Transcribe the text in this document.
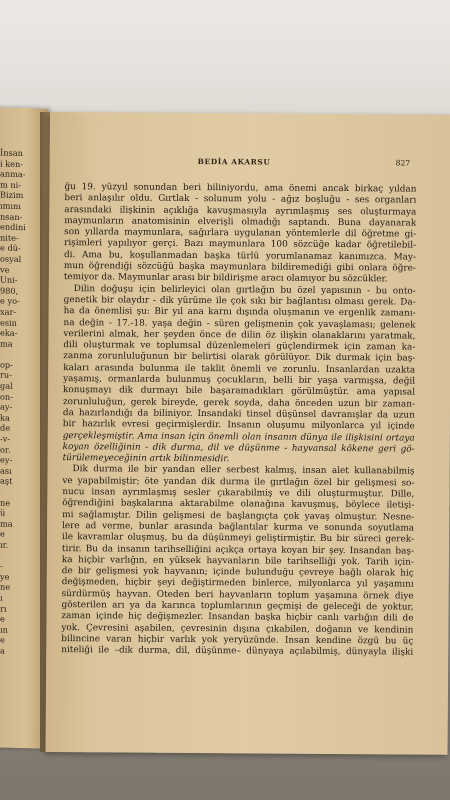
İnsan
i ken-
anma-
m ni-
Bizim
ımını
nsan-
endini
nite-
e dü-
osyal
ve
Uni-
980,
e yo-
xar-
esin
eka-
ma

op-
ru-
gal
on-
ay-
ka
de
-v-
or.
ey-
ası
aşt

ne
ü
ma
e
ır.

-
ye
ne
ı
rı
e
ın
e
a
BEDİA AKARSU	827
ğu 19. yüzyıl sonundan beri biliniyordu, ama önemi ancak birkaç yıldan
beri anlaşılır oldu. Gırtlak - solunum yolu - ağız boşluğu - ses organları
arasındaki ilişkinin açıklığa kavuşmasıyla ayrımlaşmış ses oluşturmaya
maymunların anatomisinin elverişli olmadığı saptandı. Buna dayanarak
son yıllarda maymunlara, sağırlara uygulanan yöntemlerle dil öğretme gi-
rişimleri yapılıyor gerçi. Bazı maymunlara 100 sözcüğe kadar öğretilebil-
di. Ama bu, koşullanmadan başka türlü yorumlanamaz kanımızca. May-
mun öğrendiği sözcüğü başka maymunlara bildiremediği gibi onlara öğre-
temiyor da. Maymunlar arası bir bildirişme aracı olamıyor bu sözcükler.
Dilin doğuşu için belirleyici olan gırtlağın bu özel yapısının - bu onto-
genetik bir olaydır - dik yürüme ile çok sıkı bir bağlantısı olması gerek. Da-
ha da önemlisi şu: Bir yıl ana karnı dışında oluşmanın ve ergenlik zamanı-
na değin - 17.-18. yaşa değin - süren gelişmenin çok yavaşlaması; gelenek
verilerini almak, her şeyden önce de dilin öz ilişkin olanaklarını yaratmak,
dili oluşturmak ve toplumsal düzenlemeleri güçlendirmek için zaman ka-
zanma zorunluluğunun bir belirtisi olarak görülüyor. Dik durmak için baş-
kaları arasında bulunma ile taklit önemli ve zorunlu. İnsanlardan uzakta
yaşamış, ormanlarda bulunmuş çocukların, belli bir yaşa varmışsa, değil
konuşmayı dik durmayı bile başaramadıkları görülmüştür. ama yapısal
zorunluluğun, gerek bireyde, gerek soyda, daha önceden uzun bir zaman-
da hazırlandığı da biliniyor. İnsandaki tinsel düşünsel davranışlar da uzun
bir hazırlık evresi geçirmişlerdir. İnsanın oluşumu milyonlarca yıl içinde
gerçekleşmiştir. Ama insan için önemli olan insanın dünya ile ilişkisini ortaya
koyan özelliğinin - dik durma, dil ve düşünme - hayvansal kökene geri gö-
türülemeyeceğinin artık bilinmesidir.
Dik durma ile bir yandan eller serbest kalmış, insan alet kullanabilmiş
ve yapabilmiştir; öte yandan dik durma ile gırtlağın özel bir gelişmesi so-
nucu insan ayrımlaşmış sesler çıkarabilmiş ve dili oluşturmuştur. Dille,
öğrendiğini başkalarına aktarabilme olanağına kavuşmuş, böylece iletişi-
mi sağlamıştır. Dilin gelişmesi de başlangıçta çok yavaş olmuştur. Nesne-
lere ad verme, bunlar arasında bağlantılar kurma ve sonunda soyutlama
ile kavramlar oluşmuş, bu da düşünmeyi geliştirmiştir. Bu bir süreci gerek-
tirir. Bu da insanın tarihselliğini açıkça ortaya koyan bir şey. İnsandan baş-
ka hiçbir varlığın, en yüksek hayvanların bile tarihselliği yok. Tarih için-
de bir gelişmesi yok hayvanın; içinde bulunduğu çevreye bağlı olarak hiç
değişmeden, hiçbir şeyi değiştirmeden binlerce, milyonlarca yıl yaşamını
sürdürmüş hayvan. Öteden beri hayvanların toplum yaşamına örnek diye
gösterilen arı ya da karınca toplumlarının geçmişi de geleceği de yoktur,
zaman içinde hiç değişmezler. İnsandan başka hiçbir canlı varlığın dili de
yok. Çevresini aşabilen, çevresinin dışına çıkabilen, doğanın ve kendinin
bilincine varan hiçbir varlık yok yeryüzünde. İnsan kendine özgü bu üç
niteliği ile –dik durma, dil, düşünme– dünyaya açılabilmiş, dünyayla ilişki
